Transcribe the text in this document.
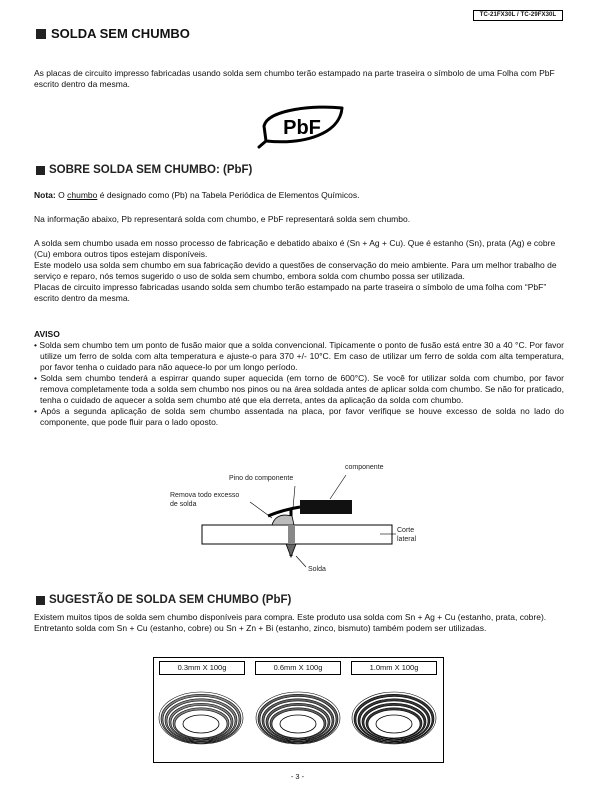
TC-21FX30L / TC-29FX30L
SOLDA SEM CHUMBO

As placas de circuito impresso fabricadas usando solda sem chumbo terão estampado na parte traseira o símbolo de uma Folha com PbF escrito dentro da mesma.

PbF
SOBRE SOLDA SEM CHUMBO: (PbF)

Nota: O chumbo é designado como (Pb) na Tabela Periódica de Elementos Químicos.

Na informação abaixo, Pb representará solda com chumbo, e PbF representará solda sem chumbo.

A solda sem chumbo usada em nosso processo de fabricação e debatido abaixo é (Sn + Ag + Cu). Que é estanho (Sn), prata (Ag) e cobre (Cu) embora outros tipos estejam disponíveis.

Este modelo usa solda sem chumbo em sua fabricação devido a questões de conservação do meio ambiente. Para um melhor trabalho de serviço e reparo, nós temos sugerido o uso de solda sem chumbo, embora solda com chumbo possa ser utilizada.

Placas de circuito impresso fabricadas usando solda sem chumbo terão estampado na parte traseira o símbolo de uma folha com “PbF” escrito dentro da mesma.

AVISO

• Solda sem chumbo tem um ponto de fusão maior que a solda convencional. Tipicamente o ponto de fusão está entre 30 a 40 °C. Por favor utilize um ferro de solda com alta temperatura e ajuste-o para 370 +/- 10°C. Em caso de utilizar um ferro de solda com alta temperatura, por favor tenha o cuidado para não aquece-lo por um longo período.

• Solda sem chumbo tenderá a espirrar quando super aquecida (em torno de 600°C). Se você for utilizar solda com chumbo, por favor remova completamente toda a solda sem chumbo nos pinos ou na área soldada antes de aplicar solda com chumbo. Se não for praticado, tenha o cuidado de aquecer a solda sem chumbo até que ela derreta, antes da aplicação da solda com chumbo.

• Após a segunda aplicação de solda sem chumbo assentada na placa, por favor verifique se houve excesso de solda no lado do componente, que pode fluir para o lado oposto.

componente
Pino do componente
Remova todo excesso
de solda
Corte
lateral
Solda
SUGESTÃO DE SOLDA SEM CHUMBO (PbF)

Existem muitos tipos de solda sem chumbo disponíveis para compra. Este produto usa solda com Sn + Ag + Cu (estanho, prata, cobre). Entretanto solda com Sn + Cu (estanho, cobre) ou Sn + Zn + Bi (estanho, zinco, bismuto) também podem ser utilizadas.

0.3mm X 100g	0.6mm X 100g	1.0mm X 100g
- 3 -
